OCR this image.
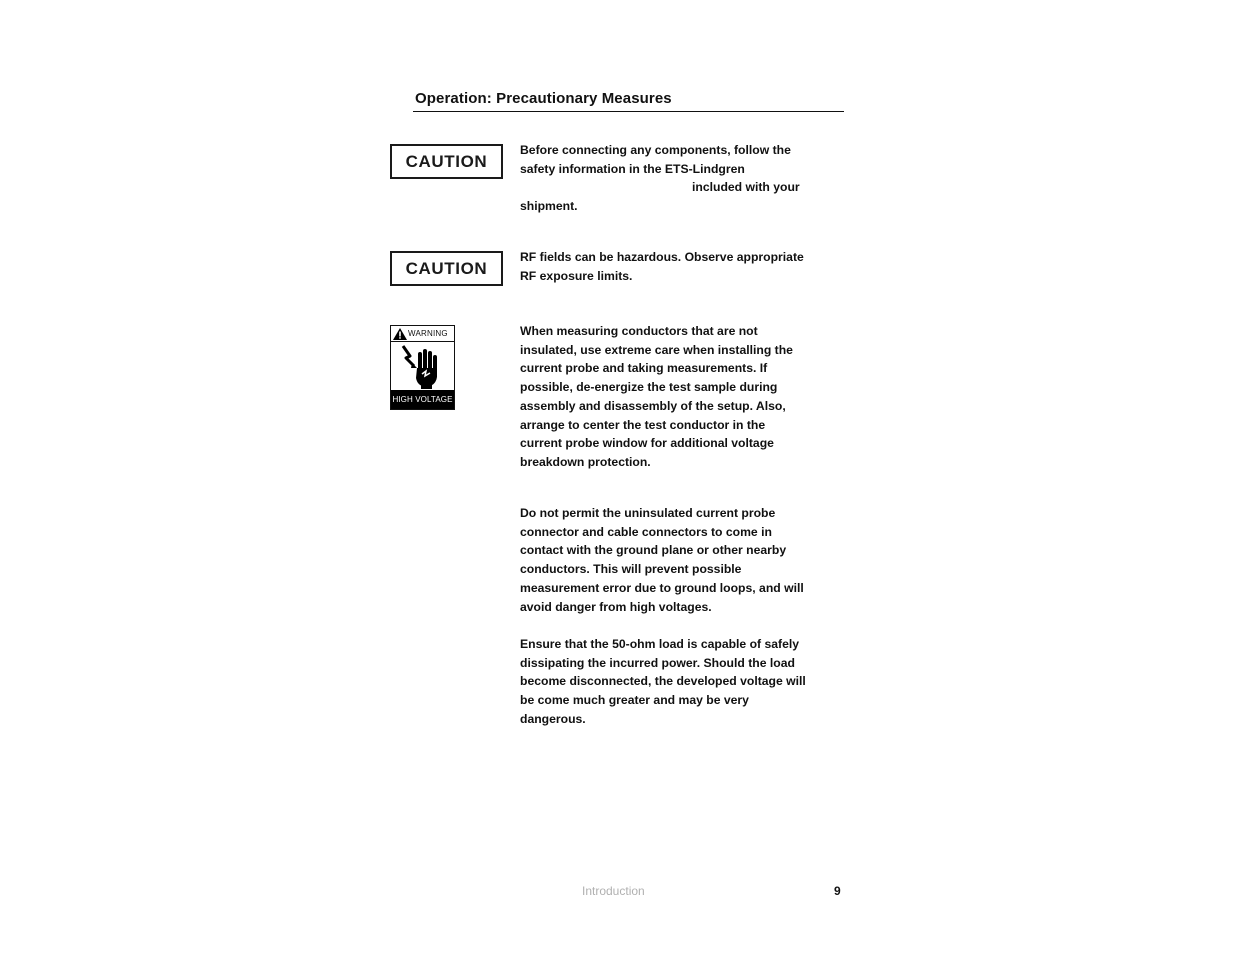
Operation: Precautionary Measures
CAUTION
Before connecting any components, follow the safety information in the ETS-Lindgren
included with your shipment.
CAUTION
RF fields can be hazardous. Observe appropriate RF exposure limits.
WARNING
HIGH VOLTAGE
When measuring conductors that are not insulated, use extreme care when installing the current probe and taking measurements. If possible, de-energize the test sample during assembly and disassembly of the setup. Also, arrange to center the test conductor in the current probe window for additional voltage breakdown protection.
Do not permit the uninsulated current probe connector and cable connectors to come in contact with the ground plane or other nearby conductors. This will prevent possible measurement error due to ground loops, and will avoid danger from high voltages.
Ensure that the 50-ohm load is capable of safely dissipating the incurred power. Should the load become disconnected, the developed voltage will be come much greater and may be very dangerous.
Introduction	9
